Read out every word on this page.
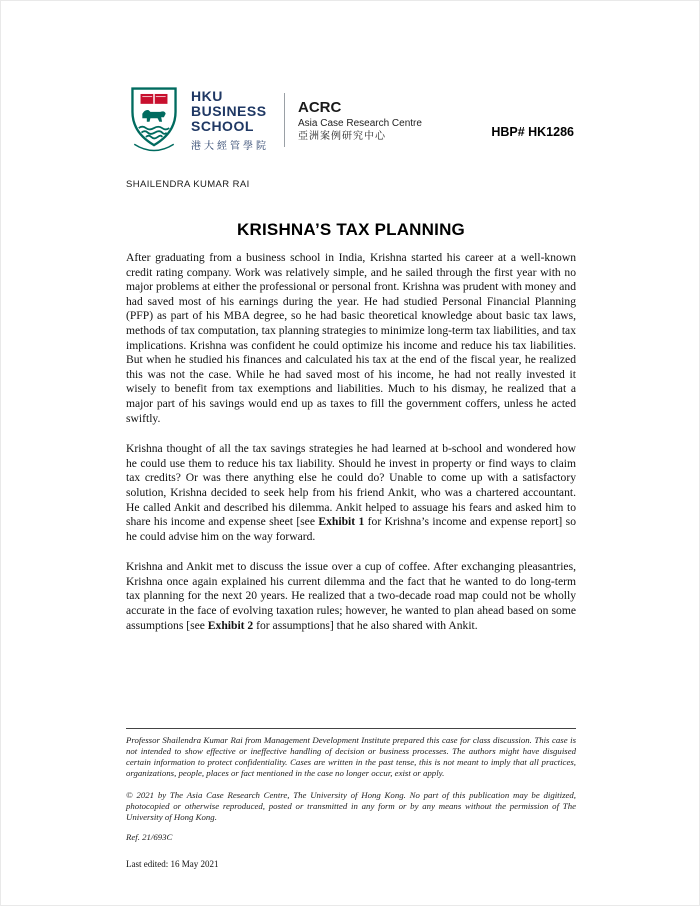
HKU
BUSINESS
SCHOOL
港大經管學院
ACRC
Asia Case Research Centre
亞洲案例研究中心	HBP# HK1286
SHAILENDRA KUMAR RAI
KRISHNA’S TAX PLANNING

After graduating from a business school in India, Krishna started his career at a well-known credit rating company. Work was relatively simple, and he sailed through the first year with no major problems at either the professional or personal front. Krishna was prudent with money and had saved most of his earnings during the year. He had studied Personal Financial Planning (PFP) as part of his MBA degree, so he had basic theoretical knowledge about basic tax laws, methods of tax computation, tax planning strategies to minimize long-term tax liabilities, and tax implications. Krishna was confident he could optimize his income and reduce his tax liabilities. But when he studied his finances and calculated his tax at the end of the fiscal year, he realized this was not the case. While he had saved most of his income, he had not really invested it wisely to benefit from tax exemptions and liabilities. Much to his dismay, he realized that a major part of his savings would end up as taxes to fill the government coffers, unless he acted swiftly.

Krishna thought of all the tax savings strategies he had learned at b-school and wondered how he could use them to reduce his tax liability. Should he invest in property or find ways to claim tax credits? Or was there anything else he could do? Unable to come up with a satisfactory solution, Krishna decided to seek help from his friend Ankit, who was a chartered accountant. He called Ankit and described his dilemma. Ankit helped to assuage his fears and asked him to share his income and expense sheet [see Exhibit 1 for Krishna’s income and expense report] so he could advise him on the way forward.

Krishna and Ankit met to discuss the issue over a cup of coffee. After exchanging pleasantries, Krishna once again explained his current dilemma and the fact that he wanted to do long-term tax planning for the next 20 years. He realized that a two-decade road map could not be wholly accurate in the face of evolving taxation rules; however, he wanted to plan ahead based on some assumptions [see Exhibit 2 for assumptions] that he also shared with Ankit.

Professor Shailendra Kumar Rai from Management Development Institute prepared this case for class discussion. This case is not intended to show effective or ineffective handling of decision or business processes. The authors might have disguised certain information to protect confidentiality. Cases are written in the past tense, this is not meant to imply that all practices, organizations, people, places or fact mentioned in the case no longer occur, exist or apply.

© 2021 by The Asia Case Research Centre, The University of Hong Kong. No part of this publication may be digitized, photocopied or otherwise reproduced, posted or transmitted in any form or by any means without the permission of The University of Hong Kong.

Ref. 21/693C

Last edited: 16 May 2021
